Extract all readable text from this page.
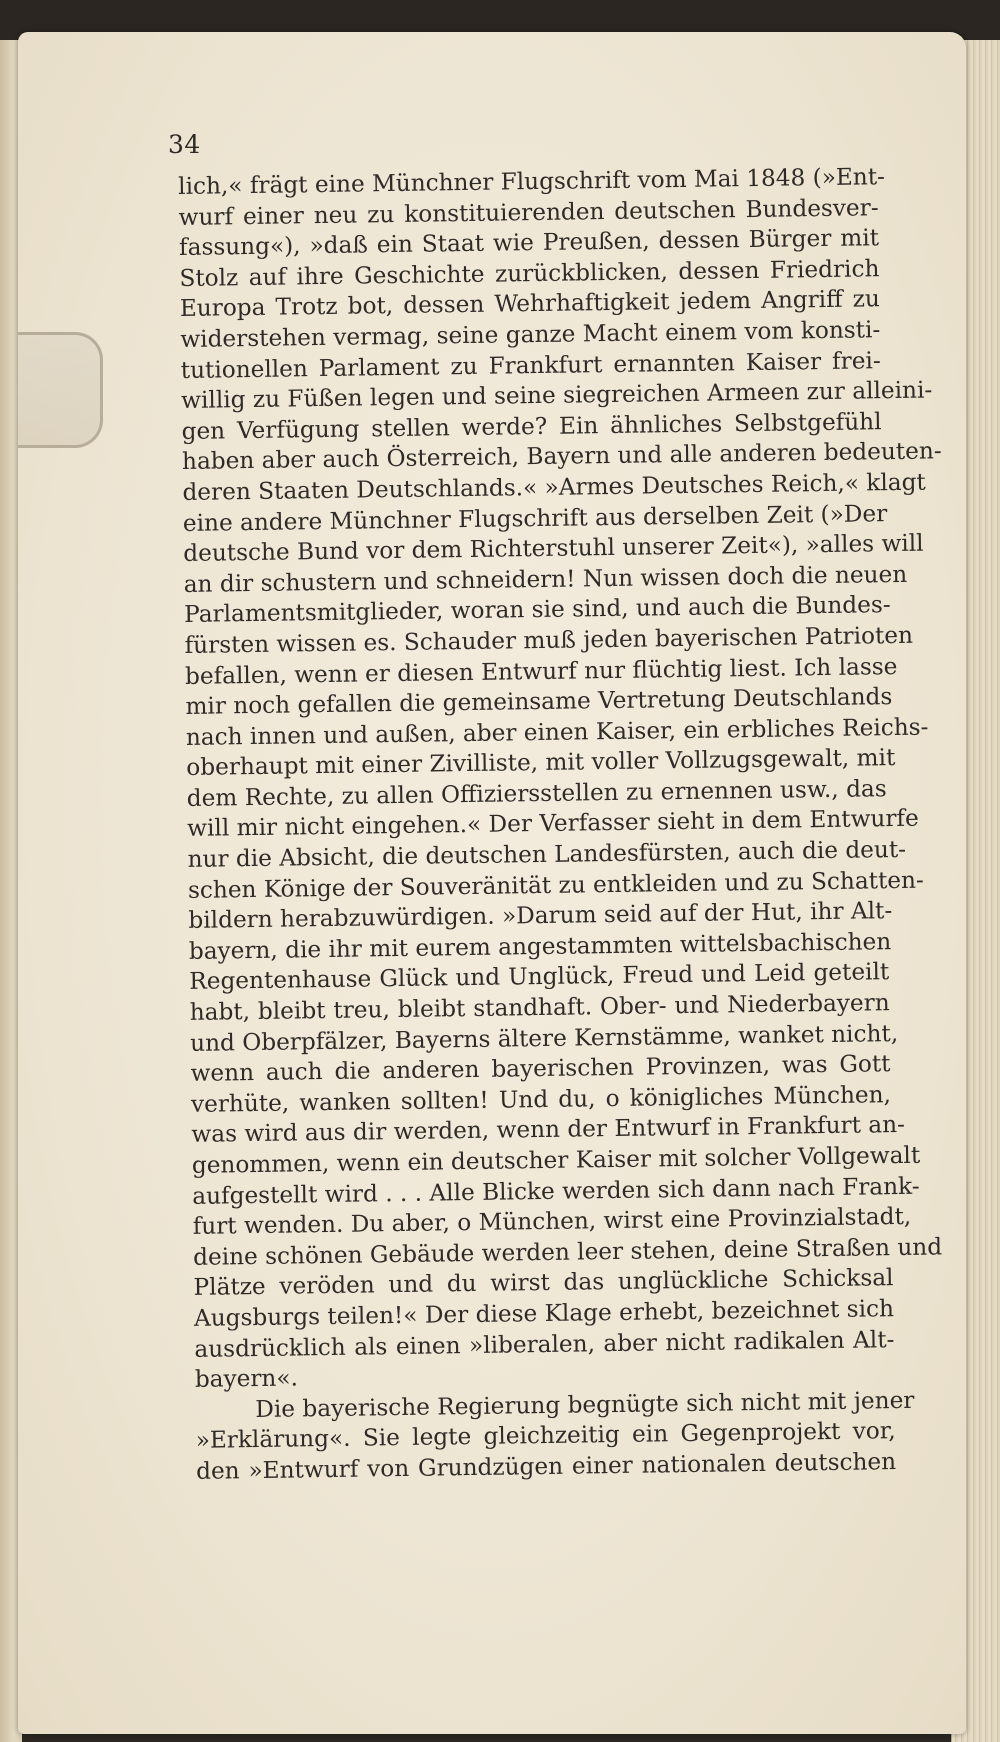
34
lich,« frägt eine Münchner Flugschrift vom Mai 1848 (»Ent-
wurf einer neu zu konstituierenden deutschen Bundesver-
fassung«), »daß ein Staat wie Preußen, dessen Bürger mit
Stolz auf ihre Geschichte zurückblicken, dessen Friedrich
Europa Trotz bot, dessen Wehrhaftigkeit jedem Angriff zu
widerstehen vermag, seine ganze Macht einem vom konsti-
tutionellen Parlament zu Frankfurt ernannten Kaiser frei-
willig zu Füßen legen und seine siegreichen Armeen zur alleini-
gen Verfügung stellen werde? Ein ähnliches Selbstgefühl
haben aber auch Österreich, Bayern und alle anderen bedeuten-
deren Staaten Deutschlands.« »Armes Deutsches Reich,« klagt
eine andere Münchner Flugschrift aus derselben Zeit (»Der
deutsche Bund vor dem Richterstuhl unserer Zeit«), »alles will
an dir schustern und schneidern! Nun wissen doch die neuen
Parlamentsmitglieder, woran sie sind, und auch die Bundes-
fürsten wissen es. Schauder muß jeden bayerischen Patrioten
befallen, wenn er diesen Entwurf nur flüchtig liest. Ich lasse
mir noch gefallen die gemeinsame Vertretung Deutschlands
nach innen und außen, aber einen Kaiser, ein erbliches Reichs-
oberhaupt mit einer Zivilliste, mit voller Vollzugsgewalt, mit
dem Rechte, zu allen Offiziersstellen zu ernennen usw., das
will mir nicht eingehen.« Der Verfasser sieht in dem Entwurfe
nur die Absicht, die deutschen Landesfürsten, auch die deut-
schen Könige der Souveränität zu entkleiden und zu Schatten-
bildern herabzuwürdigen. »Darum seid auf der Hut, ihr Alt-
bayern, die ihr mit eurem angestammten wittelsbachischen
Regentenhause Glück und Unglück, Freud und Leid geteilt
habt, bleibt treu, bleibt standhaft. Ober- und Niederbayern
und Oberpfälzer, Bayerns ältere Kernstämme, wanket nicht,
wenn auch die anderen bayerischen Provinzen, was Gott
verhüte, wanken sollten! Und du, o königliches München,
was wird aus dir werden, wenn der Entwurf in Frankfurt an-
genommen, wenn ein deutscher Kaiser mit solcher Vollgewalt
aufgestellt wird . . . Alle Blicke werden sich dann nach Frank-
furt wenden. Du aber, o München, wirst eine Provinzialstadt,
deine schönen Gebäude werden leer stehen, deine Straßen und
Plätze veröden und du wirst das unglückliche Schicksal
Augsburgs teilen!« Der diese Klage erhebt, bezeichnet sich
ausdrücklich als einen »liberalen, aber nicht radikalen Alt-
bayern«.
Die bayerische Regierung begnügte sich nicht mit jener
»Erklärung«. Sie legte gleichzeitig ein Gegenprojekt vor,
den »Entwurf von Grundzügen einer nationalen deutschen
